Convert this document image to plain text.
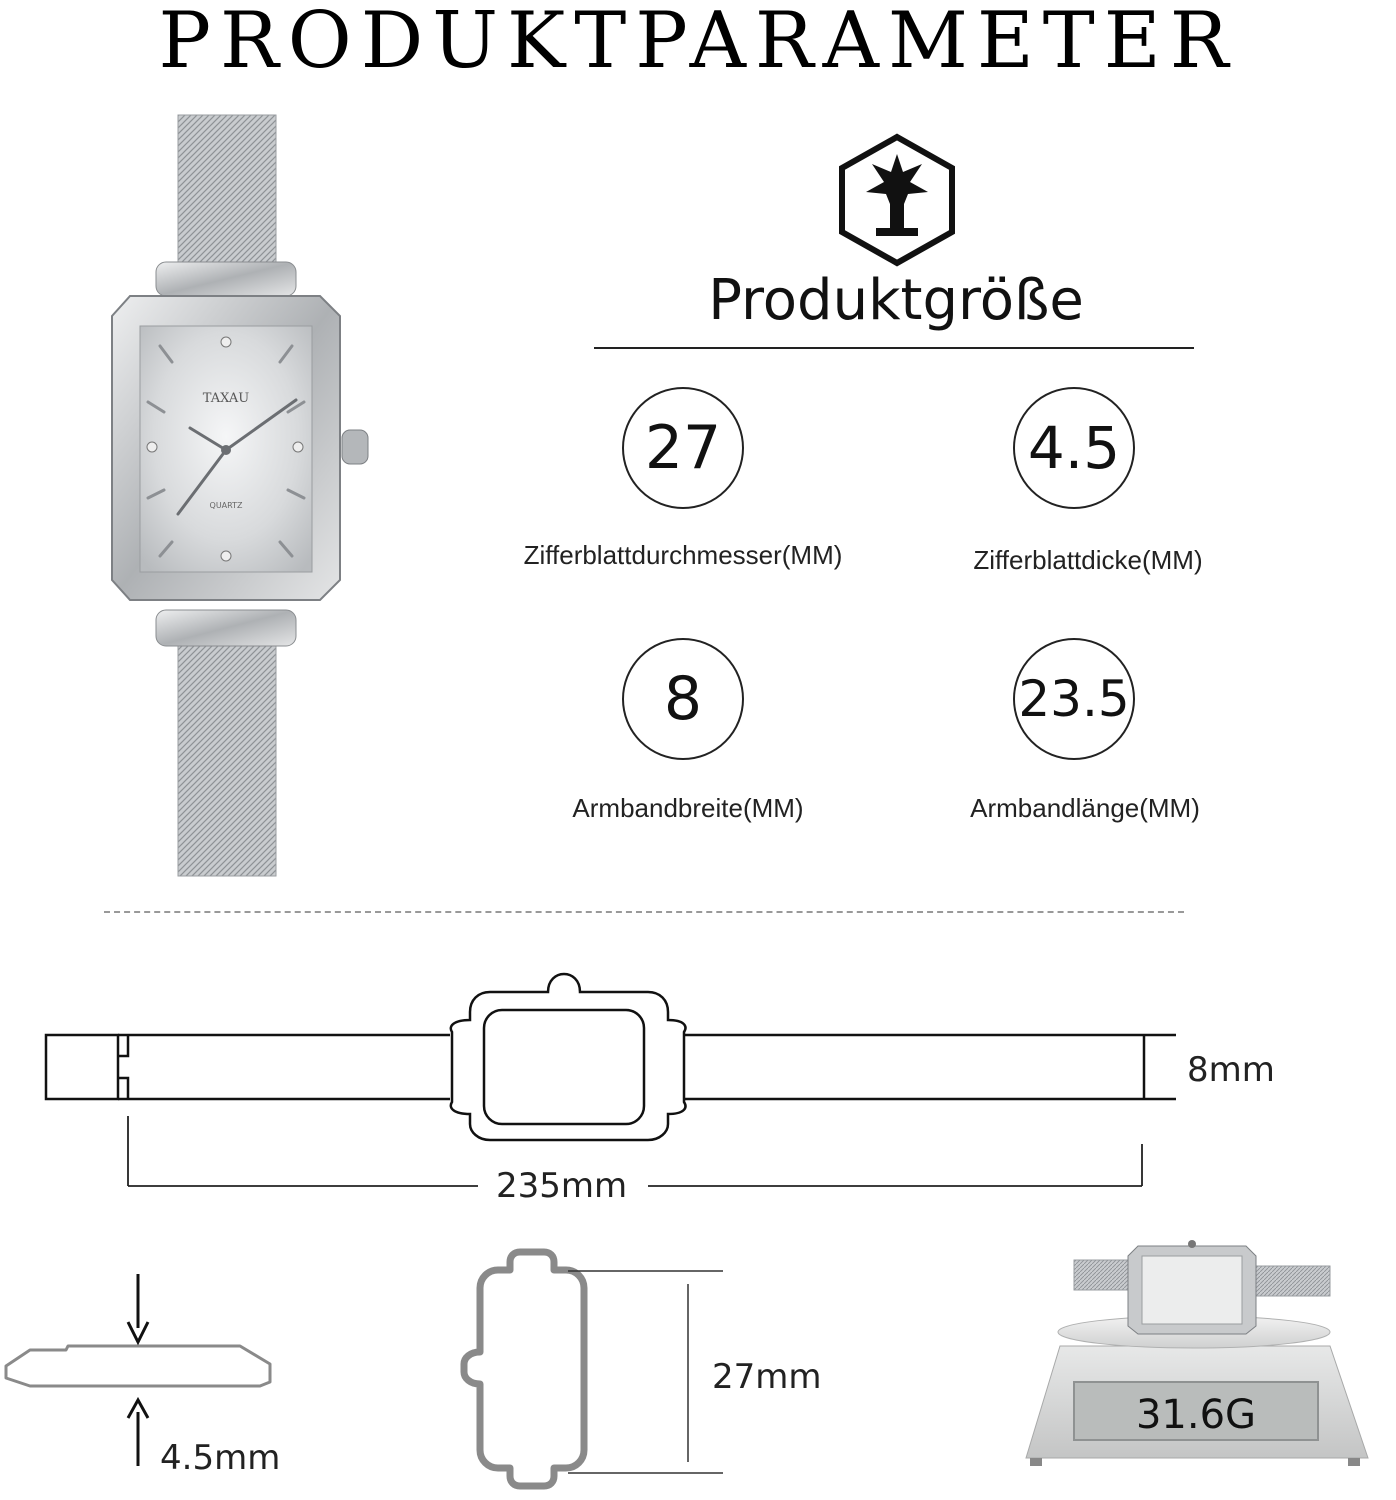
PRODUKTPARAMETER
TAXAU
QUARTZ
Produktgröße
27
Zifferblattdurchmesser(MM)
4.5
Zifferblattdicke(MM)
8
Armbandbreite(MM)
23.5
Armbandlänge(MM)
8mm
235mm
4.5mm
27mm
31.6G
